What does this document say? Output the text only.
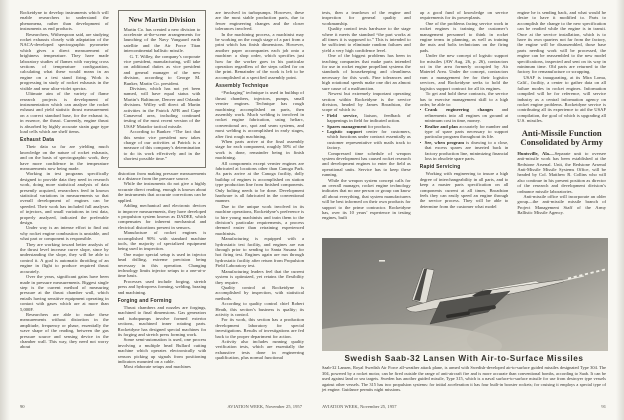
Rocketdyne to develop instruments which will enable researchers to understand the phenomena, rather than development of instruments as end products.

Researchers, Witherspoon said, are studying rocket exhausts closely with adaptation of the NACA-developed spectrographic pyrometer which gives a direct measurement of brightness temperature. They have made laboratory studies of flames with varying cross sections of temperature configuration, calculating what these would mean in an engine on a test stand firing. Work is progressing in study of rocket exhausts in the visible and near ultra-violet spectra.

Ultimate aim of the variety of flame research projects is development of instrumentation which can analyze the rocket exhaust and yield statistic thrust measurement on a correct standard base, for the exhaust is, in essence, the thrust. Currently, engine thrust is absorbed by highly accurate strain gage type load cells which are shelf items.

Exhaust Data

Their data so far are yielding much knowledge on the nature of rocket exhausts, and on the basis of spectrographic work, they have more confidence in the temperature measurements now being made.

Working in test programs specifically designed to provide data they need in research work, doing more statistical analysis of data presently acquired, researchers feed in known statistical variations in measurements so that overall development of engines can be speeded. Their work has included full analyses of injectors, and small variations in test data, properly analyzed, indicated the preferable design.

Under way is an intense effort to find out why rocket engine combustion is unstable, and what part or component is responsible.

They are working toward better analysis of the thrust level increase curve slope, since by understanding the slope, they will be able to control it. A goal is automatic throttling of an engine in flight to produce required thrust accurately.

Over the years, significant gains have been made in pressure measurements. Biggest single step is the current method of measuring pressure at the thrust chamber wall, which entails having sensitive equipment operating in contact with gases which are at more than 5,000F.

Researchers are able to make these measurements without distortion in the amplitude, frequency or phase, essentially the wave shape of the reading, between the gas pressure source and sensing device in the chamber wall. This way, they need not worry about

New Martin Division

Martin Co. has created a new division to accelerate at-the-scene arrangements for launching of the Navy Vanguard earth satellite and the Air Force Titan intercontinental ballistic missile.

G. T. Willey, the company’s corporate vice president, manufacturing, will take on additional duties as vice president and general manager of the new division, according to George M. Bunker, Martin Co. president.

Division, which has not yet been named, will have equal status with Martin’s Baltimore, Denver and Orlando divisions. Willey will direct all Martin activities in the Patrick AFB and Cape Canaveral area, including continued testing of the most recent version of the USAF Matador tactical missile.

According to Bunker: “The fact that this senior vice president now takes charge of our activities at Patrick is a measure of this company’s determination to do its work effectively and in the shortest possible time.”

distortion from making pressure measurements at a distance from the pressure source.

While the instruments do not give a highly accurate direct reading, enough is known about the instruments that accurate corrections can be applied.

Adding mechanical and electronic devices to improve measurements, they have developed a propulsion system known as DADEE, which compensates for inherent mechanical and electrical distortions present in sensors.

Manufacture of rocket engines is accomplished 90% with standard machine tools, the majority of specialized equipment being used in inspection.

One major special setup is used in injector head drilling, extreme precision being necessary in this operation. Changing technology limits injector setups to a one-at-a-time basis.

Processes used include forging, stretch press and hydropress forming, welding, brazing and machining.

Forging and Forming

Thrust chambers and nozzles are forgings, machined to final dimensions. Gas generators and turbopumps involve formed exterior sections, machined inner rotating parts. Rocketdyne has designed special machines for its forging and stretch press forming work.

Some semi-automation is used, one process involving a multiple head Bullard cutting machine which operates electronically with sensors picking up signals from positioning indicators mounted on a cable.

Most elaborate setups and machines

are involved in turbopumps. However, these are the most stable production parts, due to fewer engineering changes and the closer tolerances involved.

In the machining process, a machinist may be working on the rough stage of a part from a print which has finish dimensions. However, another paper accompanies each job onto a machine: a shop order, which specifies just how far the worker goes in his particular operation regardless of the steps called for on the print. Remainder of the work is left to be accomplished at a specified assembly point.

Assembly Technique

“Packaging” technique is used in buildup of thrust chambers, injectors, pumps, small vernier engines. Technique has rough machining accomplished on parts, then assembly work. Much welding is involved in rocket engine fabrication, using heliarc, conventional arc, spot and seam systems, and most welding is accomplished in early stages, after first rough machining.

When parts arrive at the final assembly stage for each component, roughly 50% of the work is done, remainder being in finish machining.

All components except vernier engines are fabricated at locations other than Canoga Park. As parts arrive at the Canoga facility, dolly buildup of engines is accomplished on station type production line from finished components. Only bolting needs to be done. Development hardware is all fabricated in the conventional manner.

Due to the unique work involved in its machine operations, Rocketdyne’s preference is to hire young machinists and train them to the division’s particular requirements, a process deemed easier than retraining experienced machinists.

Manufacturing is equipped with a hydrostatic test facility, and engines are run through prior to sending to Santa Susana for hot firing test. Engines again are run through hydrostatic facility after return from Propulsion Field Laboratory test.

Manufacturing leaders feel that the current system is optimized, yet retains the flexibility they require.

Quality control at Rocketdyne is accomplished by inspection, with statistical methods.

According to quality control chief Robert Heath, this section’s business is quality; its activity is control.

For its work, this section has a production development laboratory for special investigations. Results of investigations are fed back to the proper department for action.

Activity also includes running quality verification tests, which are essentially the exhaustive tests done in engineering qualification, plus normal functional

90	AVIATION WEEK, November 25, 1957

tests, then a teardown of the engine and inspection for general quality and workmanship.

Quality control tests hardware to the stage where it meets the standard “the part works at all times it is supposed to.” This is intended to be sufficient to eliminate random failures and yield a very high confidence level.

One of the biggest problems has been in teaching companies that make parts intended for use in rocket engine propellant systems the standards of housekeeping and cleanliness necessary for this work. Fine tolerances and high rotational speeds make one dirt an almost sure cause of a malfunction.

Newest but extremely important operating section within Rocketdyne is the service division, headed by James Broadston, the scope of which is:

• Field service, liaison, feedback of happenings in field for indicated action.
• Spares management for products.
• Logistic support center for customers, which functions under contract essentially as customer representative with mails track to factory.

Compressed time schedule of weapon system development has caused rocket research and development engines to enter the field as operational units. Service has to keep these running.

While the weapon system concept calls for an overall manager, rocket engine technology indicates that no one person or group can know all about everything, that system manufacturers will be best informed on their own products for support to the prime contractor. Rocketdyne has, over its 10 years’ experience in testing engines, built

up a good fund of knowledge on service requirements for its powerplants.

One of the problems facing service work in rocket engines is training the customer’s management personnel to think in rocket engine terms in planning, as well as training the nuts and bolts technicians on the firing pads.

Under the new concept of logistic support for missiles (AW Aug. 26, p. 26), contractors act in the area formerly occupied by Air Materiel Area. Under the concept, contractors earn a management fee for their logistics services, and Rocketdyne seeks to hold the logistics support contract for all its engines.

To get and hold these contracts, the service has to exercise management skill to a high order, be able to:

• Crank engineering changes and refinements into all engines on ground at minimum cost in time, money.
• Realize and plan accurately for number and type of spare parts necessary to support particular program throughout its life.
• See, when program is drawing to a close, that excess spares are inserted back in factory production line, minimizing financial loss in obsolete spare parts.
Rapid Servicing

Working with engineering to insure a high degree of interchangeability in all parts, and to keep a master parts specification on all components current at all times, Broadston feels they can easily speed an engine through the service process. They will be able to determine from the customer what model

engine he is sending back, and what would he desire to have it modified to. Parts to accomplish the change to the new specification can be readied while the engine is in transit. Once at the service installation, which is to have its own quarters not far from the factory, the engine will be disassembled, those base parts needing work will be processed, the engine can be reassembled to the new model specifications, inspected and sent on its way in minimum time. Old parts are returned to the factory for remanufacture or scrapping.

USAF is inaugurating, at its Mira Loma, Calif., facility, a center to gather data on all failure modes in rocket engines. Information compiled will be for reference, will service industry as a central information agency on rocket engine problems. Rocketdyne service is contributing all its experience to aid the USAF compilation, the goal of which is upgrading all U.S. missiles.

Anti-Missile Function Consolidated by Army

Huntsville, Ala.—Separate unit to oversee anti-missile work has been established at the Redstone Arsenal. Unit, the Redstone Arsenal Anti-Missile Missile Systems Office, will be headed by Col. Matthew R. Collins who will also continue in his present position as director of the research and development division’s ordnance missile laboratories.

Anti-missile office will incorporate an older group—the anti-missile missile branch of Project Management Staff of the Army Ballistic Missile Agency.

Swedish Saab-32 Lansen With Air-to-Surface Missiles

Saab-32 Lansen, Royal Swedish Air Force all-weather attack plane, is armed with Swedish-developed air-to-surface guided missiles designated Type 304. The 304, powered by a rocket motor, can be fired outside the range of anti-aircraft fire and is more accurate than conventional bombs, according to Saab. It can be used against land or sea targets. Sweden has another guided missile, Type 315, which is a naval surface-to-surface missile for use from destroyer type vessels against other vessels. The 315 has two propulsion systems: for initial acceleration it has four built-in booster rockets; for cruising it employs a special type of jet engine. Guidance permits night missions.

AVIATION WEEK, November 25, 1957	91
